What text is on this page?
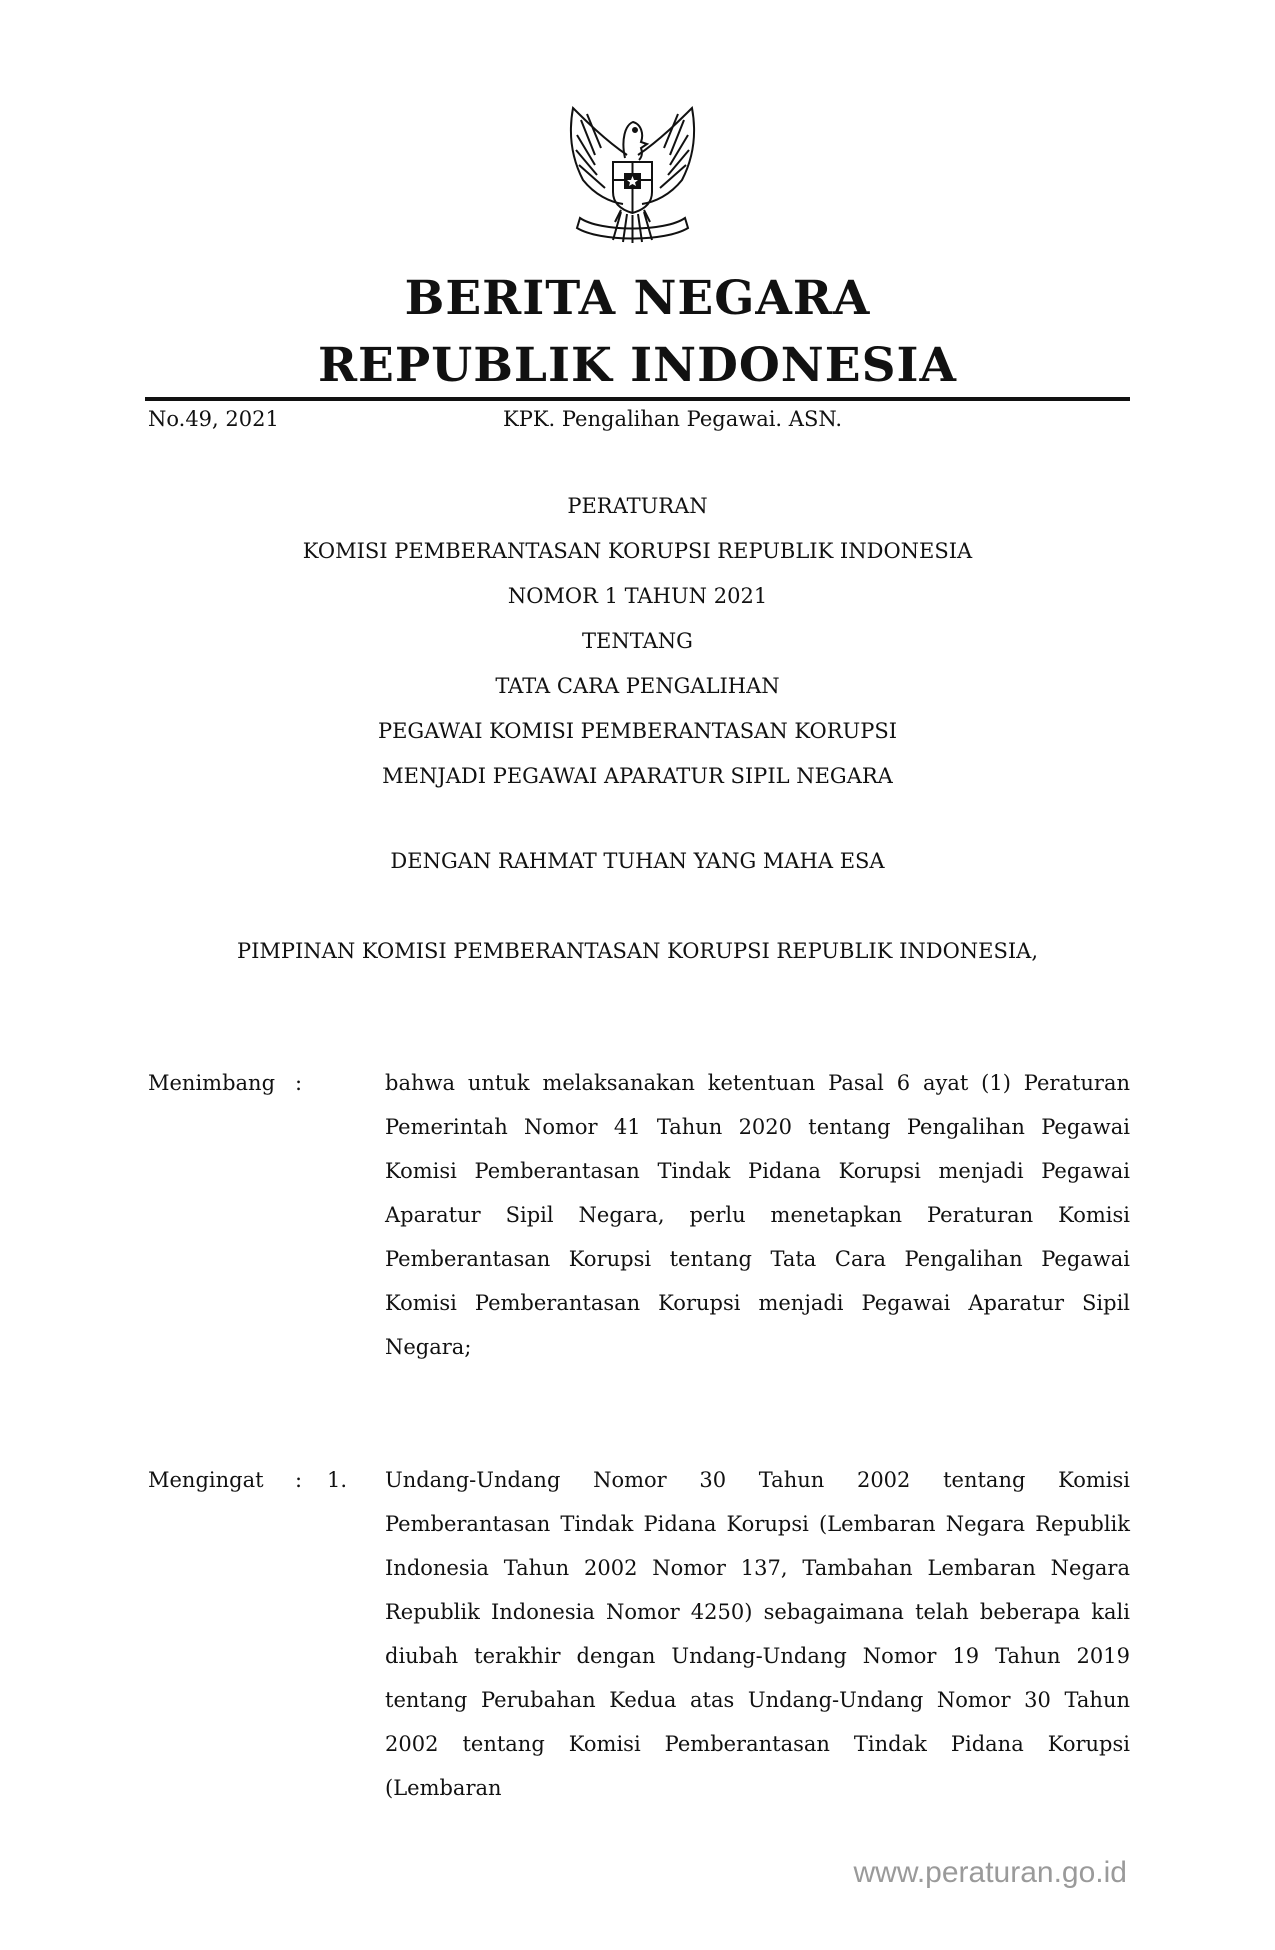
BERITA NEGARA
REPUBLIK INDONESIA
No.49, 2021	KPK. Pengalihan Pegawai. ASN.
PERATURAN
KOMISI PEMBERANTASAN KORUPSI REPUBLIK INDONESIA
NOMOR 1 TAHUN 2021
TENTANG
TATA CARA PENGALIHAN
PEGAWAI KOMISI PEMBERANTASAN KORUPSI
MENJADI PEGAWAI APARATUR SIPIL NEGARA
DENGAN RAHMAT TUHAN YANG MAHA ESA
PIMPINAN KOMISI PEMBERANTASAN KORUPSI REPUBLIK INDONESIA,
Menimbang :	bahwa untuk melaksanakan ketentuan Pasal 6 ayat (1) Peraturan Pemerintah Nomor 41 Tahun 2020 tentang Pengalihan Pegawai Komisi Pemberantasan Tindak Pidana Korupsi menjadi Pegawai Aparatur Sipil Negara, perlu menetapkan Peraturan Komisi Pemberantasan Korupsi tentang Tata Cara Pengalihan Pegawai Komisi Pemberantasan Korupsi menjadi Pegawai Aparatur Sipil Negara;
Mengingat : 1. Undang-Undang Nomor 30 Tahun 2002 tentang Komisi Pemberantasan Tindak Pidana Korupsi (Lembaran Negara Republik Indonesia Tahun 2002 Nomor 137, Tambahan Lembaran Negara Republik Indonesia Nomor 4250) sebagaimana telah beberapa kali diubah terakhir dengan Undang-Undang Nomor 19 Tahun 2019 tentang Perubahan Kedua atas Undang-Undang Nomor 30 Tahun 2002 tentang Komisi Pemberantasan Tindak Pidana Korupsi (Lembaran
www.peraturan.go.id
